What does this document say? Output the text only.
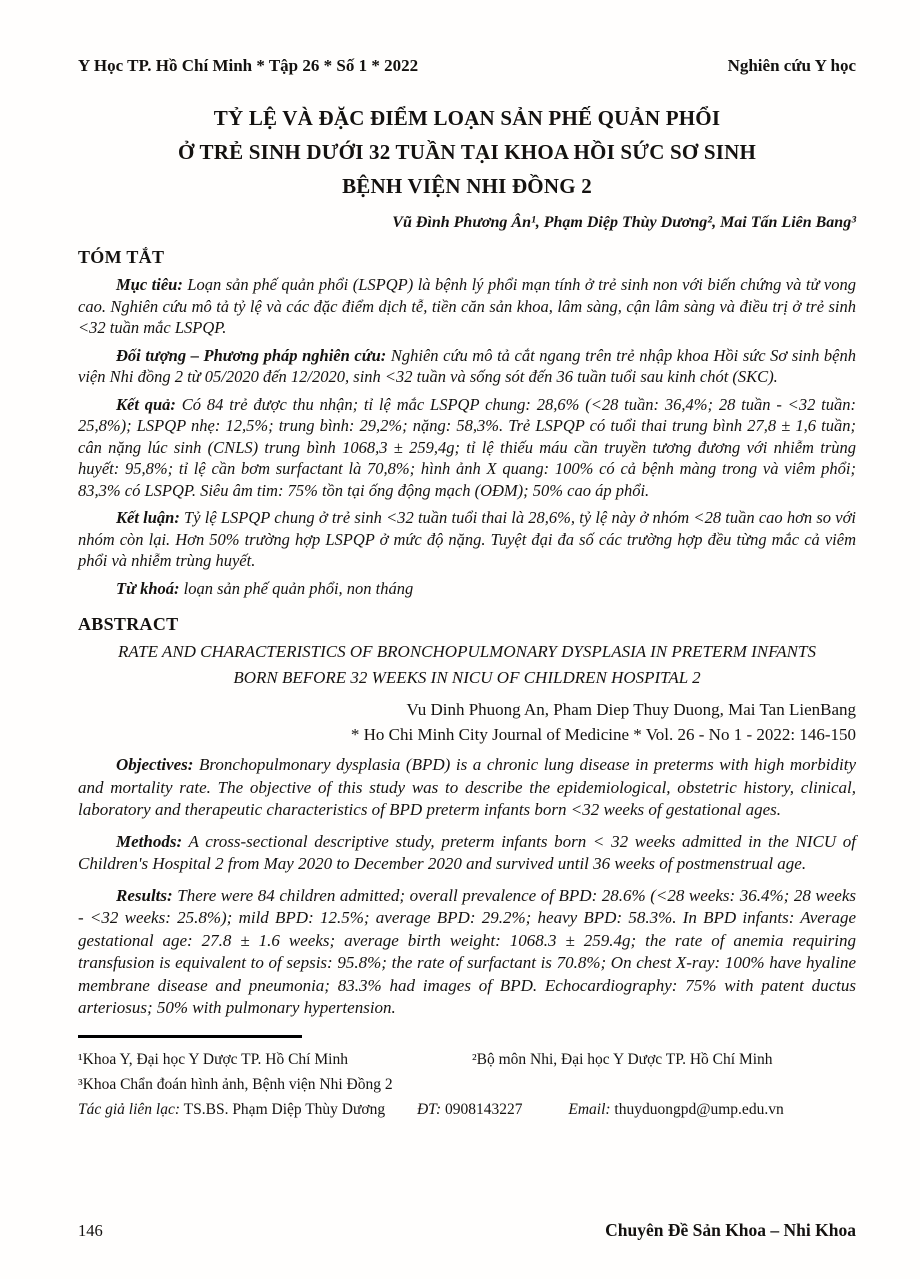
Y Học TP. Hồ Chí Minh * Tập 26 * Số 1 * 2022	Nghiên cứu Y học
TỶ LỆ VÀ ĐẶC ĐIỂM LOẠN SẢN PHẾ QUẢN PHỔI
Ở TRẺ SINH DƯỚI 32 TUẦN TẠI KHOA HỒI SỨC SƠ SINH
BỆNH VIỆN NHI ĐỒNG 2
Vũ Đình Phương Ân¹, Phạm Diệp Thùy Dương², Mai Tấn Liên Bang³
TÓM TẮT

Mục tiêu: Loạn sản phế quản phổi (LSPQP) là bệnh lý phổi mạn tính ở trẻ sinh non với biến chứng và tử vong cao. Nghiên cứu mô tả tỷ lệ và các đặc điểm dịch tễ, tiền căn sản khoa, lâm sàng, cận lâm sàng và điều trị ở trẻ sinh <32 tuần mắc LSPQP.

Đối tượng – Phương pháp nghiên cứu: Nghiên cứu mô tả cắt ngang trên trẻ nhập khoa Hồi sức Sơ sinh bệnh viện Nhi đồng 2 từ 05/2020 đến 12/2020, sinh <32 tuần và sống sót đến 36 tuần tuổi sau kinh chót (SKC).

Kết quả: Có 84 trẻ được thu nhận; tỉ lệ mắc LSPQP chung: 28,6% (<28 tuần: 36,4%; 28 tuần - <32 tuần: 25,8%); LSPQP nhẹ: 12,5%; trung bình: 29,2%; nặng: 58,3%. Trẻ LSPQP có tuổi thai trung bình 27,8 ± 1,6 tuần; cân nặng lúc sinh (CNLS) trung bình 1068,3 ± 259,4g; tỉ lệ thiếu máu cần truyền tương đương với nhiễm trùng huyết: 95,8%; tỉ lệ cần bơm surfactant là 70,8%; hình ảnh X quang: 100% có cả bệnh màng trong và viêm phổi; 83,3% có LSPQP. Siêu âm tim: 75% tồn tại ống động mạch (OĐM); 50% cao áp phổi.

Kết luận: Tỷ lệ LSPQP chung ở trẻ sinh <32 tuần tuổi thai là 28,6%, tỷ lệ này ở nhóm <28 tuần cao hơn so với nhóm còn lại. Hơn 50% trường hợp LSPQP ở mức độ nặng. Tuyệt đại đa số các trường hợp đều từng mắc cả viêm phổi và nhiễm trùng huyết.

Từ khoá: loạn sản phế quản phổi, non tháng

ABSTRACT
RATE AND CHARACTERISTICS OF BRONCHOPULMONARY DYSPLASIA IN PRETERM INFANTS
BORN BEFORE 32 WEEKS IN NICU OF CHILDREN HOSPITAL 2
Vu Dinh Phuong An, Pham Diep Thuy Duong, Mai Tan LienBang
* Ho Chi Minh City Journal of Medicine * Vol. 26 - No 1 - 2022: 146-150

Objectives: Bronchopulmonary dysplasia (BPD) is a chronic lung disease in preterms with high morbidity and mortality rate. The objective of this study was to describe the epidemiological, obstetric history, clinical, laboratory and therapeutic characteristics of BPD preterm infants born <32 weeks of gestational ages.

Methods: A cross-sectional descriptive study, preterm infants born < 32 weeks admitted in the NICU of Children's Hospital 2 from May 2020 to December 2020 and survived until 36 weeks of postmenstrual age.

Results: There were 84 children admitted; overall prevalence of BPD: 28.6% (<28 weeks: 36.4%; 28 weeks - <32 weeks: 25.8%); mild BPD: 12.5%; average BPD: 29.2%; heavy BPD: 58.3%. In BPD infants: Average gestational age: 27.8 ± 1.6 weeks; average birth weight: 1068.3 ± 259.4g; the rate of anemia requiring transfusion is equivalent to of sepsis: 95.8%; the rate of surfactant is 70.8%; On chest X-ray: 100% have hyaline membrane disease and pneumonia; 83.3% had images of BPD. Echocardiography: 75% with patent ductus arteriosus; 50% with pulmonary hypertension.

¹Khoa Y, Đại học Y Dược TP. Hồ Chí Minh	²Bộ môn Nhi, Đại học Y Dược TP. Hồ Chí Minh
³Khoa Chẩn đoán hình ảnh, Bệnh viện Nhi Đồng 2
Tác giả liên lạc: TS.BS. Phạm Diệp Thùy Dương ĐT: 0908143227	Email: thuyduongpd@ump.edu.vn
146	Chuyên Đề Sản Khoa – Nhi Khoa
